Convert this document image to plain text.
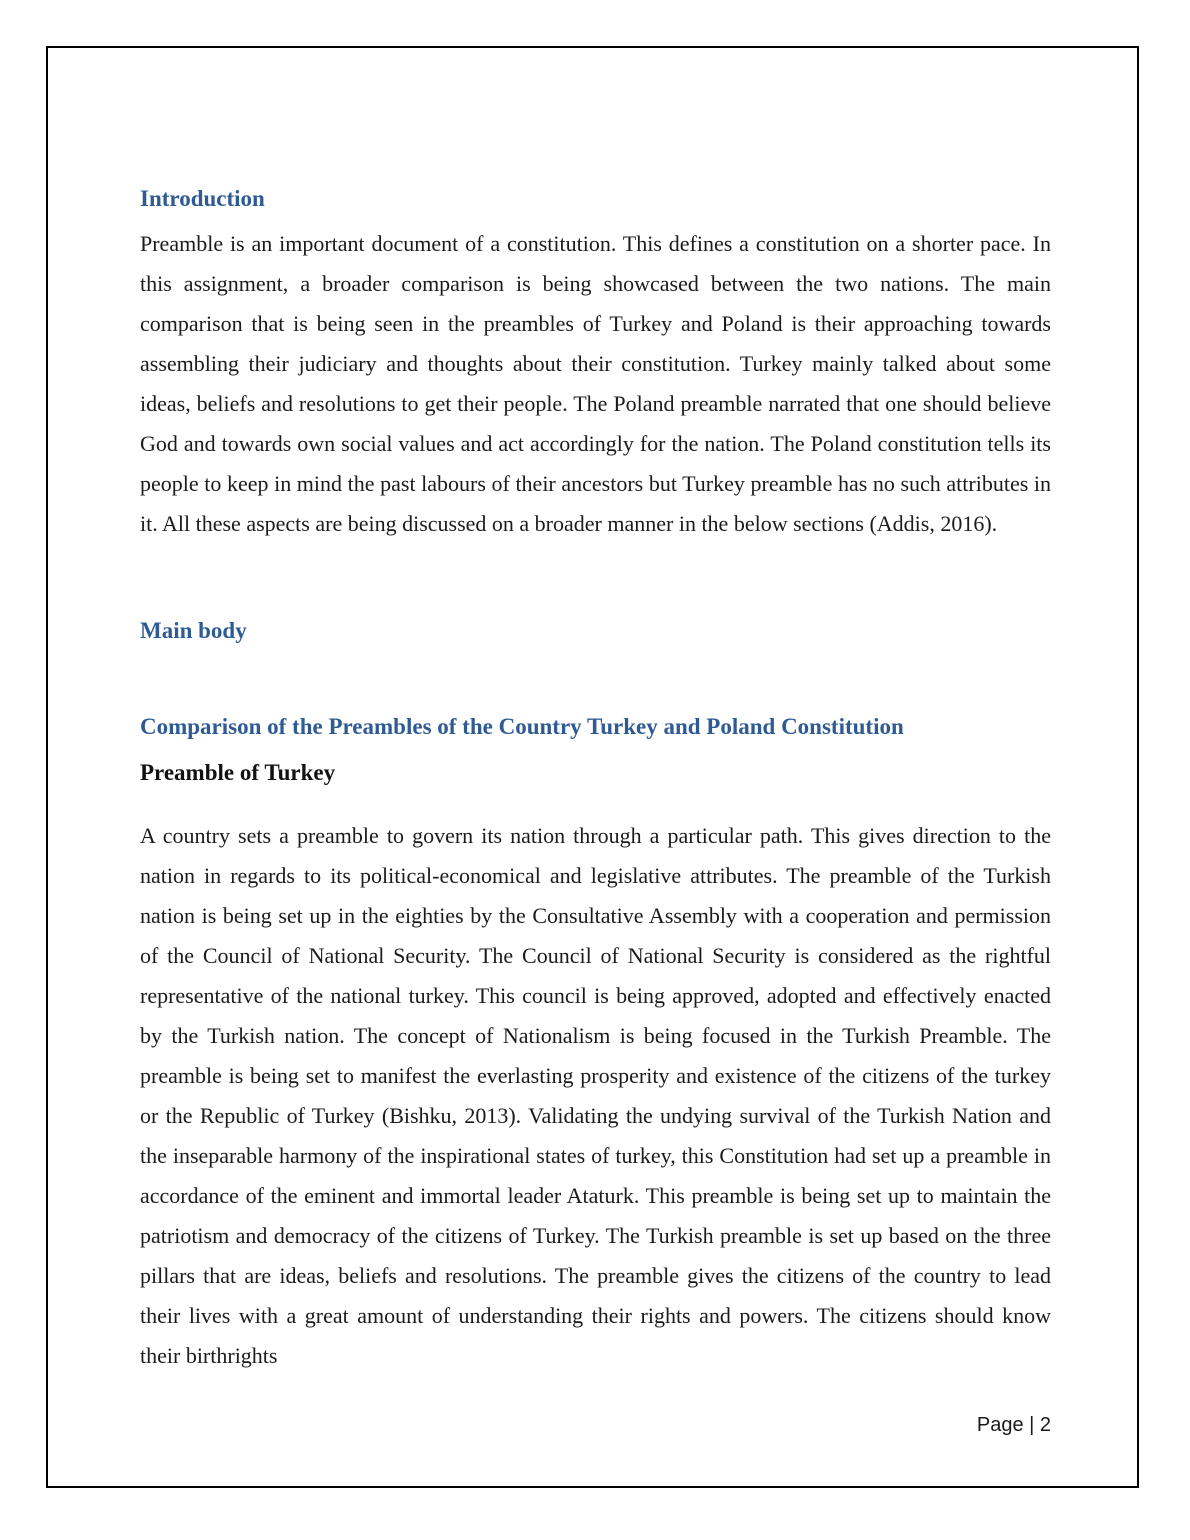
Introduction

Preamble is an important document of a constitution. This defines a constitution on a shorter pace. In this assignment, a broader comparison is being showcased between the two nations. The main comparison that is being seen in the preambles of Turkey and Poland is their approaching towards assembling their judiciary and thoughts about their constitution. Turkey mainly talked about some ideas, beliefs and resolutions to get their people. The Poland preamble narrated that one should believe God and towards own social values and act accordingly for the nation. The Poland constitution tells its people to keep in mind the past labours of their ancestors but Turkey preamble has no such attributes in it. All these aspects are being discussed on a broader manner in the below sections (Addis, 2016).

Main body
Comparison of the Preambles of the Country Turkey and Poland Constitution
Preamble of Turkey

A country sets a preamble to govern its nation through a particular path. This gives direction to the nation in regards to its political-economical and legislative attributes. The preamble of the Turkish nation is being set up in the eighties by the Consultative Assembly with a cooperation and permission of the Council of National Security. The Council of National Security is considered as the rightful representative of the national turkey. This council is being approved, adopted and effectively enacted by the Turkish nation. The concept of Nationalism is being focused in the Turkish Preamble. The preamble is being set to manifest the everlasting prosperity and existence of the citizens of the turkey or the Republic of Turkey (Bishku, 2013). Validating the undying survival of the Turkish Nation and the inseparable harmony of the inspirational states of turkey, this Constitution had set up a preamble in accordance of the eminent and immortal leader Ataturk. This preamble is being set up to maintain the patriotism and democracy of the citizens of Turkey. The Turkish preamble is set up based on the three pillars that are ideas, beliefs and resolutions. The preamble gives the citizens of the country to lead their lives with a great amount of understanding their rights and powers. The citizens should know their birthrights

Page | 2
